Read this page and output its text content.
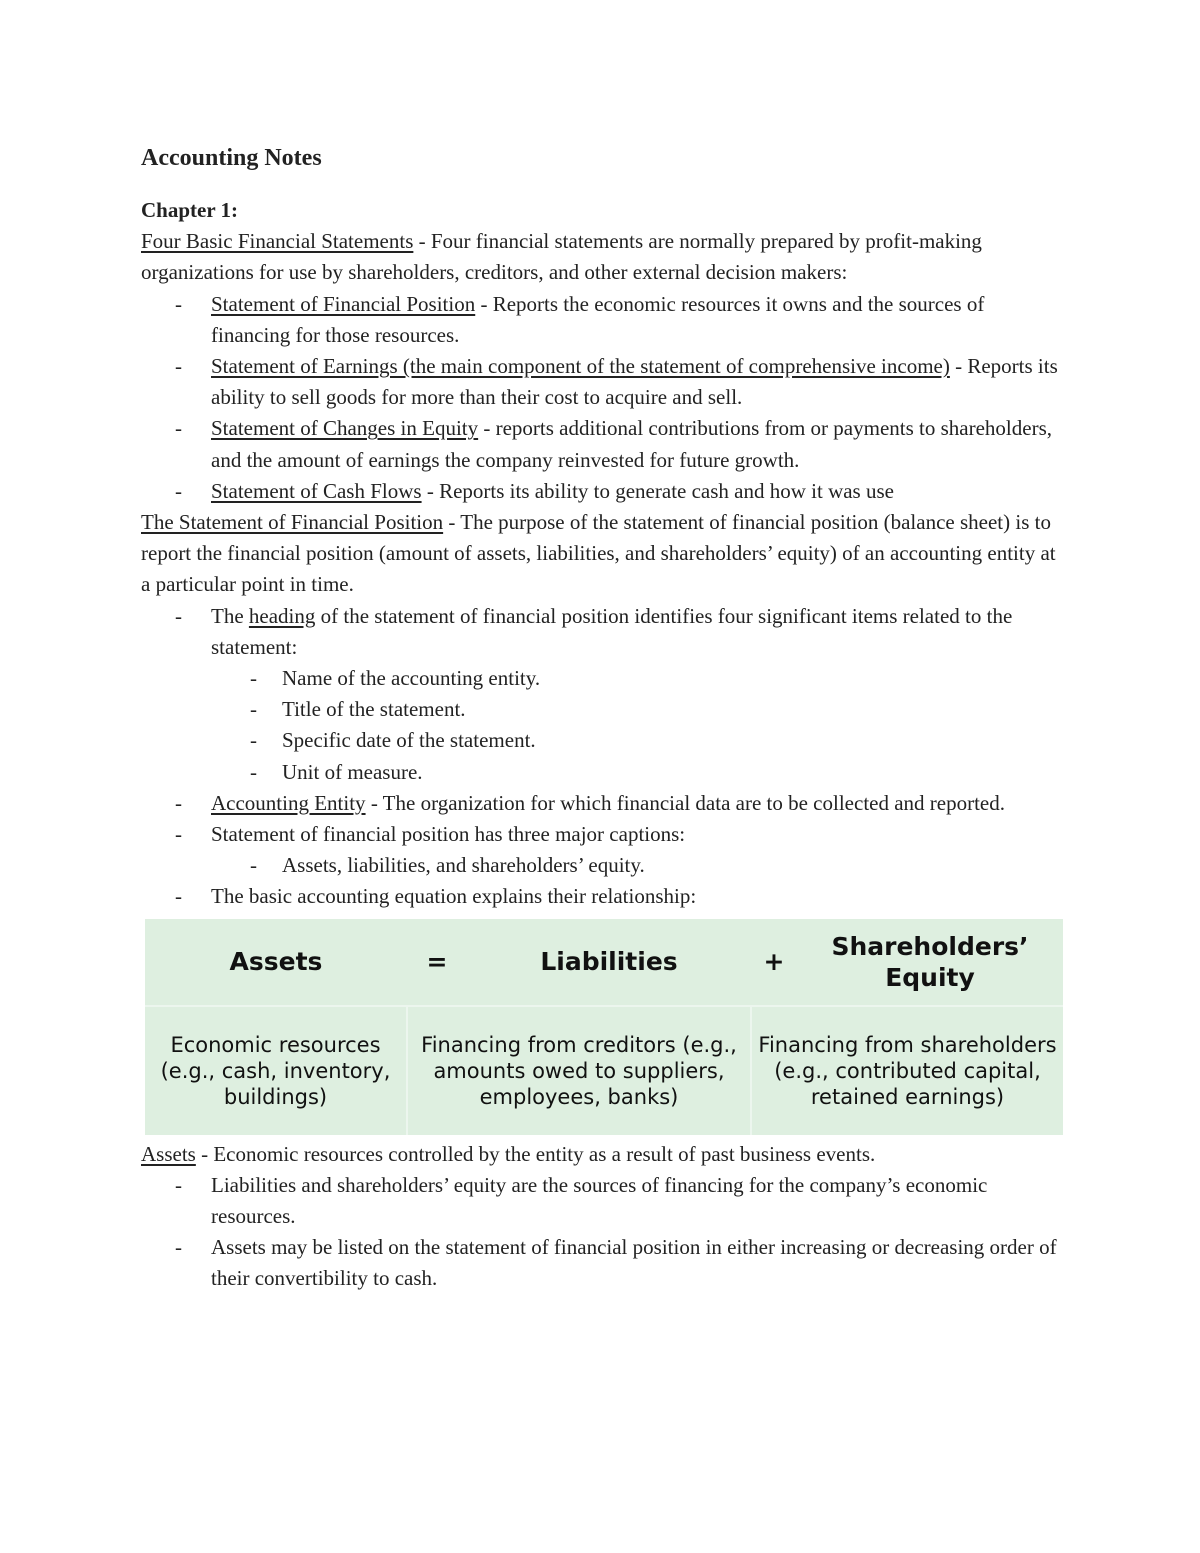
Accounting Notes

Chapter 1:

Four Basic Financial Statements - Four financial statements are normally prepared by profit-making organizations for use by shareholders, creditors, and other external decision makers:

- Statement of Financial Position - Reports the economic resources it owns and the sources of financing for those resources.
- Statement of Earnings (the main component of the statement of comprehensive income) - Reports its ability to sell goods for more than their cost to acquire and sell.
- Statement of Changes in Equity - reports additional contributions from or payments to shareholders, and the amount of earnings the company reinvested for future growth.
- Statement of Cash Flows - Reports its ability to generate cash and how it was use

The Statement of Financial Position - The purpose of the statement of financial position (balance sheet) is to report the financial position (amount of assets, liabilities, and shareholders’ equity) of an accounting entity at a particular point in time.

- The heading of the statement of financial position identifies four significant items related to the statement:
- Name of the accounting entity.
- Title of the statement.
- Specific date of the statement.
- Unit of measure.
- Accounting Entity - The organization for which financial data are to be collected and reported.
- Statement of financial position has three major captions:
- Assets, liabilities, and shareholders’ equity.
- The basic accounting equation explains their relationship:
Assets	=	Liabilities	+	Shareholders’ Equity
Economic resources (e.g., cash, inventory, buildings)	Financing from creditors (e.g., amounts owed to suppliers, employees, banks)		Financing from shareholders (e.g., contributed capital, retained earnings)	

Assets - Economic resources controlled by the entity as a result of past business events.

- Liabilities and shareholders’ equity are the sources of financing for the company’s economic resources.
- Assets may be listed on the statement of financial position in either increasing or decreasing order of their convertibility to cash.
